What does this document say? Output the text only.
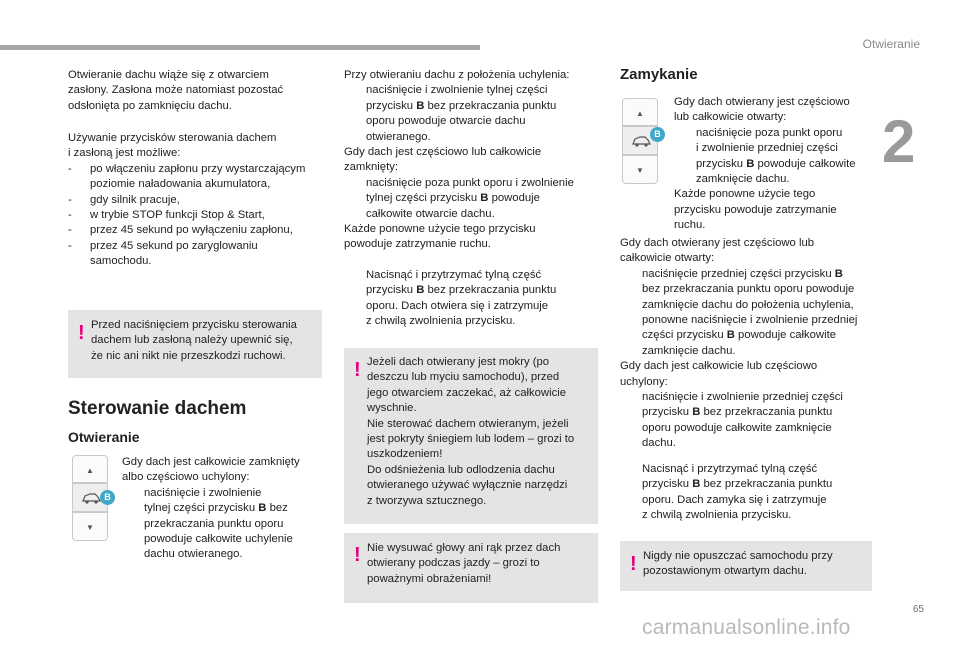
Otwieranie
2

Otwieranie dachu wiąże się z otwarciem

zasłony. Zasłona może natomiast pozostać

odsłonięta po zamknięciu dachu.

Używanie przycisków sterowania dachem

i zasłoną jest możliwe:

- po włączeniu zapłonu przy wystarczającym

poziomie naładowania akumulatora,

- gdy silnik pracuje,

- w trybie STOP funkcji Stop & Start,

- przez 45 sekund po wyłączeniu zapłonu,

- przez 45 sekund po zaryglowaniu

samochodu.

! Przed naciśnięciem przycisku sterowania

dachem lub zasłoną należy upewnić się,

że nic ani nikt nie przeszkodzi ruchowi.

Sterowanie dachem
Otwieranie
▲
▼
B

Gdy dach jest całkowicie zamknięty

albo częściowo uchylony:

naciśnięcie i zwolnienie

tylnej części przycisku B bez

przekraczania punktu oporu

powoduje całkowite uchylenie

dachu otwieranego.

Przy otwieraniu dachu z położenia uchylenia:

naciśnięcie i zwolnienie tylnej części

przycisku B bez przekraczania punktu

oporu powoduje otwarcie dachu

otwieranego.

Gdy dach jest częściowo lub całkowicie

zamknięty:

naciśnięcie poza punkt oporu i zwolnienie

tylnej części przycisku B powoduje

całkowite otwarcie dachu.

Każde ponowne użycie tego przycisku

powoduje zatrzymanie ruchu.

Nacisnąć i przytrzymać tylną część

przycisku B bez przekraczania punktu

oporu. Dach otwiera się i zatrzymuje

z chwilą zwolnienia przycisku.

! Jeżeli dach otwierany jest mokry (po

deszczu lub myciu samochodu), przed

jego otwarciem zaczekać, aż całkowicie

wyschnie.

Nie sterować dachem otwieranym, jeżeli

jest pokryty śniegiem lub lodem – grozi to

uszkodzeniem!

Do odśnieżenia lub odlodzenia dachu

otwieranego używać wyłącznie narzędzi

z tworzywa sztucznego.

! Nie wysuwać głowy ani rąk przez dach

otwierany podczas jazdy – grozi to

poważnymi obrażeniami!

Zamykanie
▲
▼
B

Gdy dach otwierany jest częściowo

lub całkowicie otwarty:

naciśnięcie poza punkt oporu

i zwolnienie przedniej części

przycisku B powoduje całkowite

zamknięcie dachu.

Każde ponowne użycie tego

przycisku powoduje zatrzymanie

ruchu.

Gdy dach otwierany jest częściowo lub

całkowicie otwarty:

naciśnięcie przedniej części przycisku B

bez przekraczania punktu oporu powoduje

zamknięcie dachu do położenia uchylenia,

ponowne naciśnięcie i zwolnienie przedniej

części przycisku B powoduje całkowite

zamknięcie dachu.

Gdy dach jest całkowicie lub częściowo

uchylony:

naciśnięcie i zwolnienie przedniej części

przycisku B bez przekraczania punktu

oporu powoduje całkowite zamknięcie

dachu.

Nacisnąć i przytrzymać tylną część

przycisku B bez przekraczania punktu

oporu. Dach zamyka się i zatrzymuje

z chwilą zwolnienia przycisku.

! Nigdy nie opuszczać samochodu przy

pozostawionym otwartym dachu.

65
carmanualsonline.info
